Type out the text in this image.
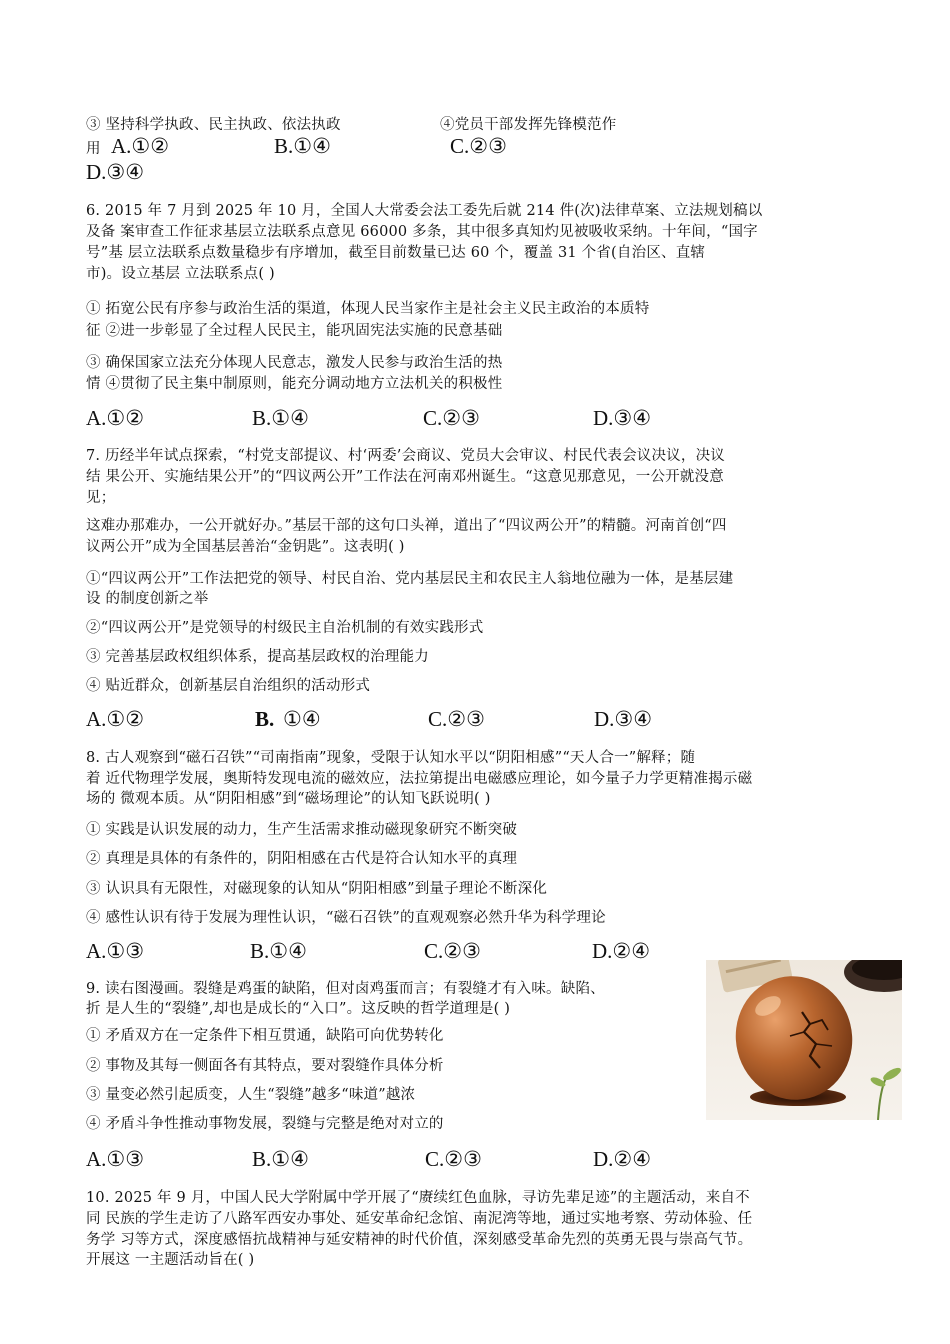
③ 坚持科学执政、民主执政、依法执政	④党员干部发挥先锋模范作
用 A.①②	B.①④	C.②③
D.③④
6. 2015 年 7 月到 2025 年 10 月，全国人大常委会法工委先后就 214 件(次)法律草案、立法规划稿以
及备 案审查工作征求基层立法联系点意见 66000 多条，其中很多真知灼见被吸收采纳。十年间，“国字
号”基 层立法联系点数量稳步有序增加，截至目前数量已达 60 个，覆盖 31 个省(自治区、直辖
市)。设立基层 立法联系点( )
① 拓宽公民有序参与政治生活的渠道，体现人民当家作主是社会主义民主政治的本质特
征 ②进一步彰显了全过程人民民主，能巩固宪法实施的民意基础
③ 确保国家立法充分体现人民意志，激发人民参与政治生活的热
情 ④贯彻了民主集中制原则，能充分调动地方立法机关的积极性
A.①②	B.①④	C.②③	D.③④
7. 历经半年试点探索，“村党支部提议、村‘两委’会商议、党员大会审议、村民代表会议决议，决议
结 果公开、实施结果公开”的“四议两公开”工作法在河南邓州诞生。“这意见那意见，一公开就没意
见；
这难办那难办，一公开就好办。”基层干部的这句口头禅，道出了“四议两公开”的精髓。河南首创“四
议两公开”成为全国基层善治“金钥匙”。这表明( )
①“四议两公开”工作法把党的领导、村民自治、党内基层民主和农民主人翁地位融为一体，是基层建
设 的制度创新之举
②“四议两公开”是党领导的村级民主自治机制的有效实践形式
③ 完善基层政权组织体系，提高基层政权的治理能力
④ 贴近群众，创新基层自治组织的活动形式
A.①②	B. ①④	C.②③	D.③④
8. 古人观察到“磁石召铁”“司南指南”现象，受限于认知水平以“阴阳相感”“天人合一”解释；随
着 近代物理学发展，奥斯特发现电流的磁效应，法拉第提出电磁感应理论，如今量子力学更精准揭示磁
场的 微观本质。从“阴阳相感”到“磁场理论”的认知飞跃说明( )
① 实践是认识发展的动力，生产生活需求推动磁现象研究不断突破
② 真理是具体的有条件的，阴阳相感在古代是符合认知水平的真理
③ 认识具有无限性，对磁现象的认知从“阴阳相感”到量子理论不断深化
④ 感性认识有待于发展为理性认识，“磁石召铁”的直观观察必然升华为科学理论
A.①③	B.①④	C.②③	D.②④
9. 读右图漫画。裂缝是鸡蛋的缺陷，但对卤鸡蛋而言；有裂缝才有入味。缺陷、
折 是人生的“裂缝”,却也是成长的“入口”。这反映的哲学道理是( )
① 矛盾双方在一定条件下相互贯通，缺陷可向优势转化
② 事物及其每一侧面各有其特点，要对裂缝作具体分析
③ 量变必然引起质变，人生“裂缝”越多“味道”越浓
④ 矛盾斗争性推动事物发展，裂缝与完整是绝对对立的
A.①③	B.①④	C.②③	D.②④
10. 2025 年 9 月，中国人民大学附属中学开展了“赓续红色血脉，寻访先辈足迹”的主题活动，来自不
同 民族的学生走访了八路军西安办事处、延安革命纪念馆、南泥湾等地，通过实地考察、劳动体验、任
务学 习等方式，深度感悟抗战精神与延安精神的时代价值，深刻感受革命先烈的英勇无畏与崇高气节。
开展这 一主题活动旨在( )
